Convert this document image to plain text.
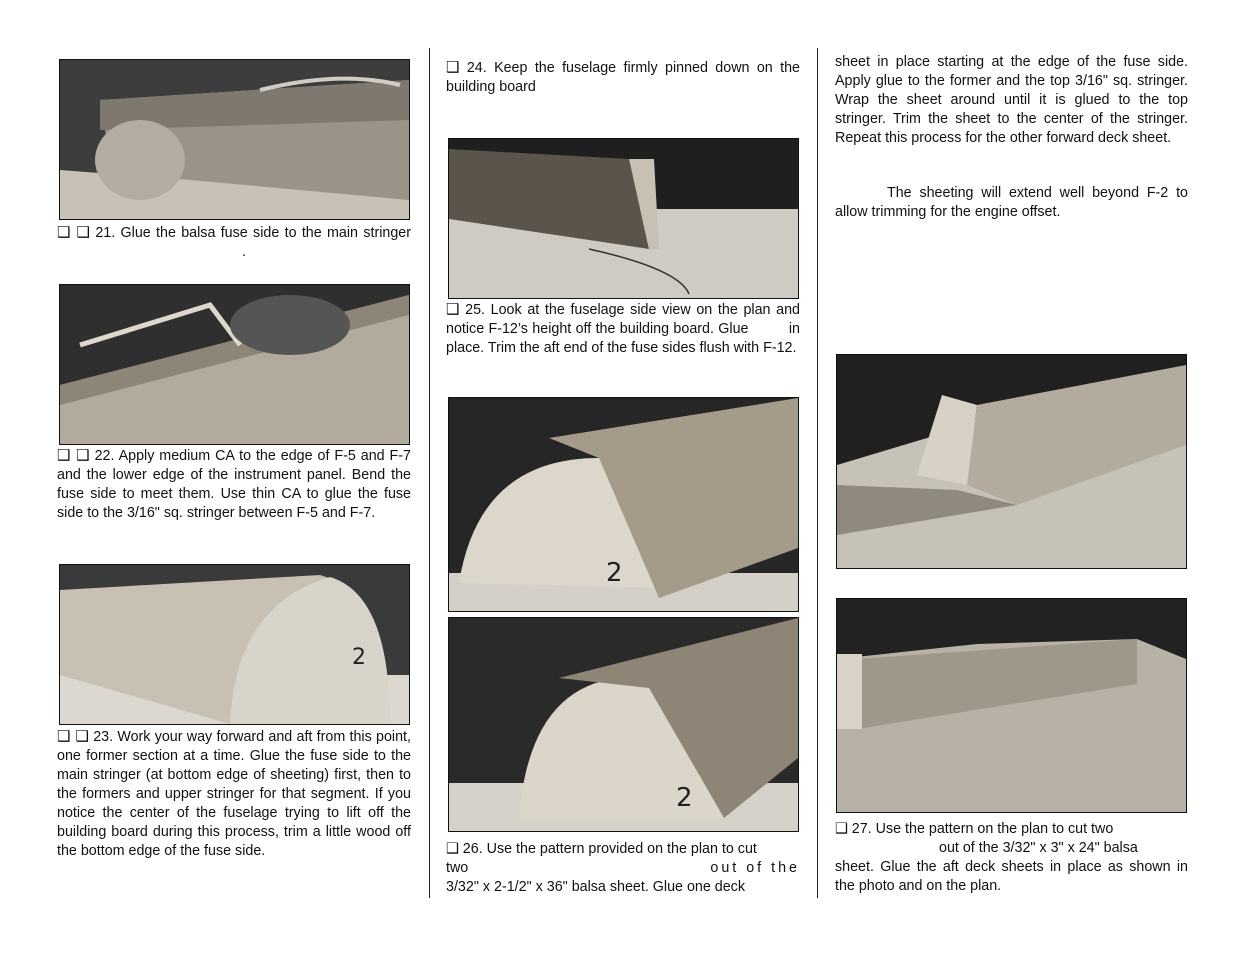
❑ ❑ 21. Glue the balsa fuse side to the main stringer .

❑ ❑ 22. Apply medium CA to the edge of F-5 and F-7 and the lower edge of the instrument panel. Bend the fuse side to meet them. Use thin CA to glue the fuse side to the 3/16" sq. stringer between F-5 and F-7.

2

❑ ❑ 23. Work your way forward and aft from this point, one former section at a time. Glue the fuse side to the main stringer (at bottom edge of sheeting) first, then to the formers and upper stringer for that segment. If you notice the center of the fuselage trying to lift off the building board during this process, trim a little wood off the bottom edge of the fuse side.

❑ 24. Keep the fuselage firmly pinned down on the building board

❑ 25. Look at the fuselage side view on the plan and notice F-12’s height off the building board. Glue	in place. Trim the aft end of the fuse sides flush with F-12.

2
2
❑ 26. Use the pattern provided on the plan to cut
two	out of the
3/32" x 2-1/2" x 36" balsa sheet. Glue one deck

sheet in place starting at the edge of the fuse side. Apply glue to the former and the top 3/16" sq. stringer. Wrap the sheet around until it is glued to the top stringer. Trim the sheet to the center of the stringer. Repeat this process for the other forward deck sheet.

The sheeting will extend well beyond F-2 to allow trimming for the engine offset.

❑ 27. Use the pattern on the plan to cut two
out of the 3/32" x 3" x 24" balsa
sheet. Glue the aft deck sheets in place as shown in the photo and on the plan.
